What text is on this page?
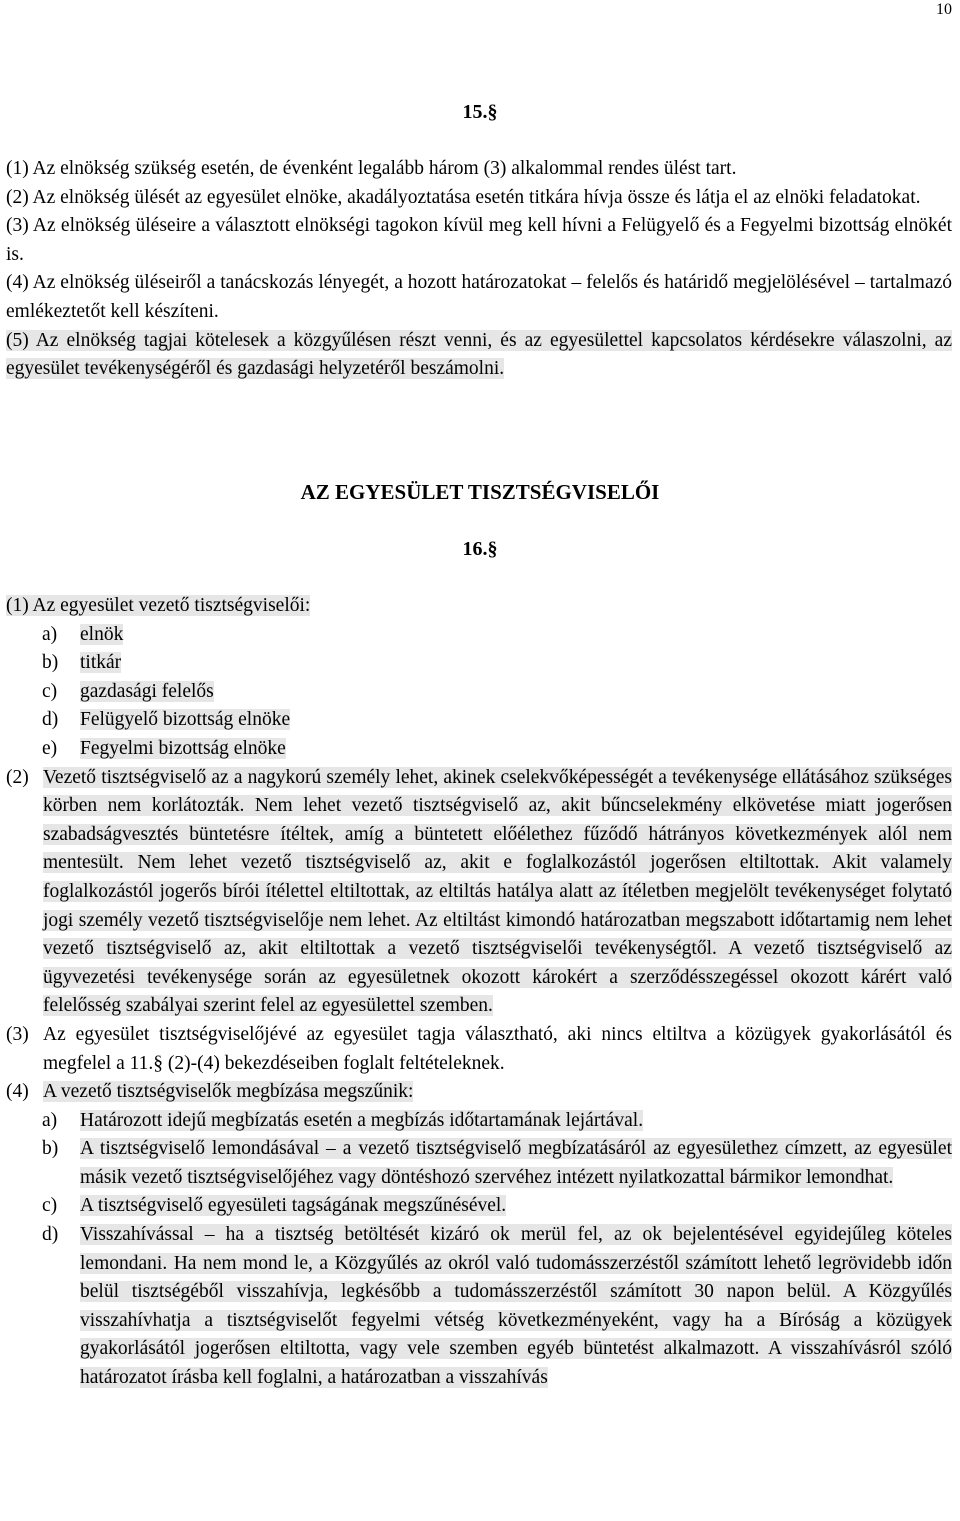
10
15.§

(1) Az elnökség szükség esetén, de évenként legalább három (3) alkalommal rendes ülést tart.

(2) Az elnökség ülését az egyesület elnöke, akadályoztatása esetén titkára hívja össze és látja el az elnöki feladatokat.

(3) Az elnökség üléseire a választott elnökségi tagokon kívül meg kell hívni a Felügyelő és a Fegyelmi bizottság elnökét is.

(4) Az elnökség üléseiről a tanácskozás lényegét, a hozott határozatokat – felelős és határidő megjelölésével – tartalmazó emlékeztetőt kell készíteni.

(5) Az elnökség tagjai kötelesek a közgyűlésen részt venni, és az egyesülettel kapcsolatos kérdésekre válaszolni, az egyesület tevékenységéről és gazdasági helyzetéről beszámolni.

AZ EGYESÜLET TISZTSÉGVISELŐI
16.§

(1) Az egyesület vezető tisztségviselői:

a)	elnök
b)	titkár
c)	gazdasági felelős
d)	Felügyelő bizottság elnöke
e)	Fegyelmi bizottság elnöke
(2) Vezető tisztségviselő az a nagykorú személy lehet, akinek cselekvőképességét a tevékenysége ellátásához szükséges körben nem korlátozták. Nem lehet vezető tisztségviselő az, akit bűncselekmény elkövetése miatt jogerősen szabadságvesztés büntetésre ítéltek, amíg a büntetett előélethez fűződő hátrányos következmények alól nem mentesült. Nem lehet vezető tisztségviselő az, akit e foglalkozástól jogerősen eltiltottak. Akit valamely foglalkozástól jogerős bírói ítélettel eltiltottak, az eltiltás hatálya alatt az ítéletben megjelölt tevékenységet folytató jogi személy vezető tisztségviselője nem lehet. Az eltiltást kimondó határozatban megszabott időtartamig nem lehet vezető tisztségviselő az, akit eltiltottak a vezető tisztségviselői tevékenységtől. A vezető tisztségviselő az ügyvezetési tevékenysége során az egyesületnek okozott károkért a szerződésszegéssel okozott kárért való felelősség szabályai szerint felel az egyesülettel szemben.
(3) Az egyesület tisztségviselőjévé az egyesület tagja választható, aki nincs eltiltva a közügyek gyakorlásától és megfelel a 11.§ (2)-(4) bekezdéseiben foglalt feltételeknek.
(4) A vezető tisztségviselők megbízása megszűnik:
a)	Határozott idejű megbízatás esetén a megbízás időtartamának lejártával.
b)	A tisztségviselő lemondásával – a vezető tisztségviselő megbízatásáról az egyesülethez címzett, az egyesület másik vezető tisztségviselőjéhez vagy döntéshozó szervéhez intézett nyilatkozattal bármikor lemondhat.
c)	A tisztségviselő egyesületi tagságának megszűnésével.
d)	Visszahívással – ha a tisztség betöltését kizáró ok merül fel, az ok bejelentésével egyidejűleg köteles lemondani. Ha nem mond le, a Közgyűlés az okról való tudomásszerzéstől számított lehető legrövidebb időn belül tisztségéből visszahívja, legkésőbb a tudomásszerzéstől számított 30 napon belül. A Közgyűlés visszahívhatja a tisztségviselőt fegyelmi vétség következményeként, vagy ha a Bíróság a közügyek gyakorlásától jogerősen eltiltotta, vagy vele szemben egyéb büntetést alkalmazott. A visszahívásról szóló határozatot írásba kell foglalni, a határozatban a visszahívás
